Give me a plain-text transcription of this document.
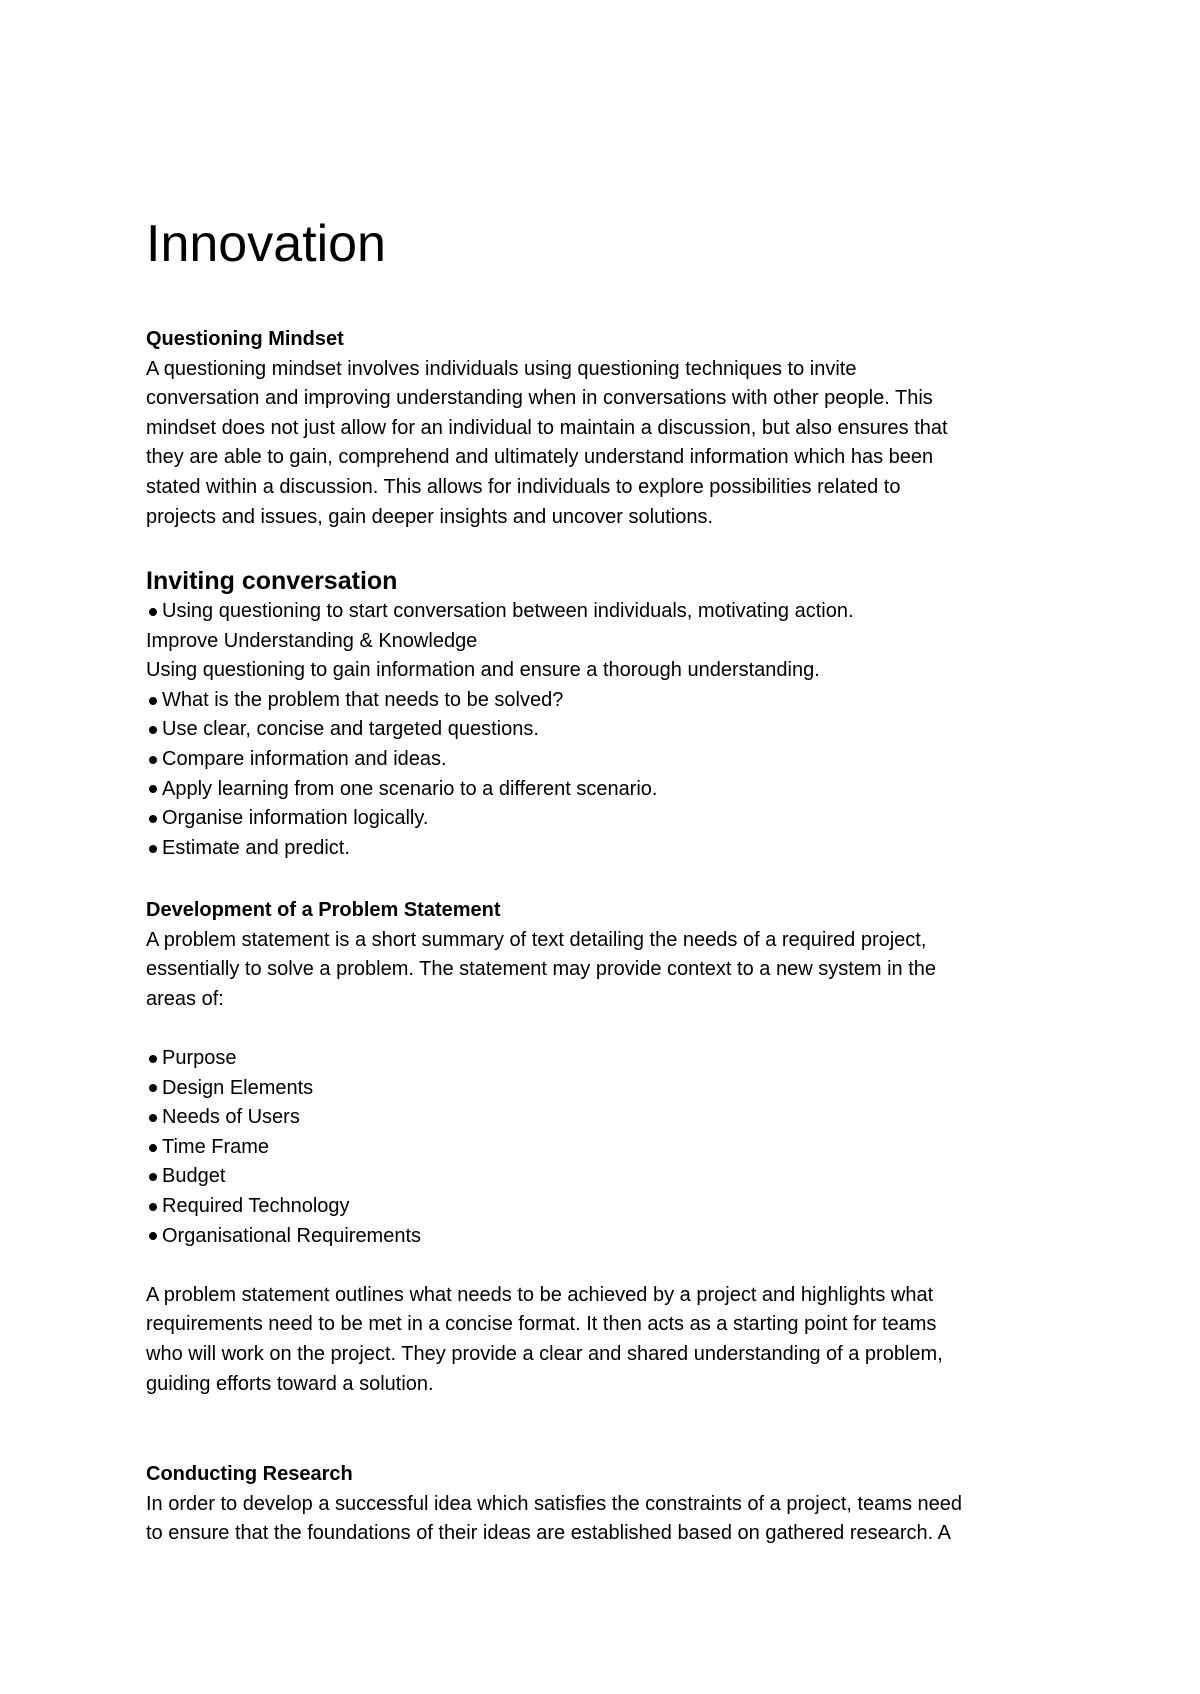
Innovation

Questioning Mindset

A questioning mindset involves individuals using questioning techniques to invite

conversation and improving understanding when in conversations with other people. This

mindset does not just allow for an individual to maintain a discussion, but also ensures that

they are able to gain, comprehend and ultimately understand information which has been

stated within a discussion. This allows for individuals to explore possibilities related to

projects and issues, gain deeper insights and uncover solutions.

Inviting conversation

Using questioning to start conversation between individuals, motivating action.

Improve Understanding & Knowledge

Using questioning to gain information and ensure a thorough understanding.

What is the problem that needs to be solved?

Use clear, concise and targeted questions.

Compare information and ideas.

Apply learning from one scenario to a different scenario.

Organise information logically.

Estimate and predict.

Development of a Problem Statement

A problem statement is a short summary of text detailing the needs of a required project,

essentially to solve a problem. The statement may provide context to a new system in the

areas of:

Purpose

Design Elements

Needs of Users

Time Frame

Budget

Required Technology

Organisational Requirements

A problem statement outlines what needs to be achieved by a project and highlights what

requirements need to be met in a concise format. It then acts as a starting point for teams

who will work on the project. They provide a clear and shared understanding of a problem,

guiding efforts toward a solution.

Conducting Research

In order to develop a successful idea which satisfies the constraints of a project, teams need

to ensure that the foundations of their ideas are established based on gathered research. A
